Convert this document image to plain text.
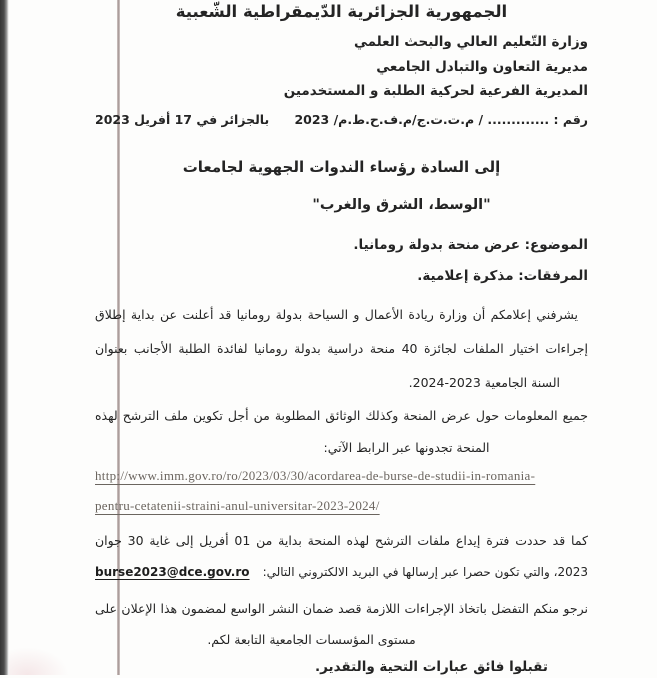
الجمهورية الجزائرية الدّيمقراطية الشّعبية
وزارة التّعليم العالي والبحث العلمي
مديرية التعاون والتبادل الجامعي
المديرية الفرعية لحركية الطلبة و المستخدمين
رقم : ............. / م.ت.ت.ج/م.ف.ح.ط.م/ 2023
بالجزائر في 17 أفريل 2023
إلى السادة رؤساء الندوات الجهوية لجامعات
"الوسط، الشرق والغرب"
الموضوع: عرض منحة بدولة رومانيا.
المرفقات: مذكرة إعلامية.
يشرفني إعلامكم أن وزارة ريادة الأعمال و السياحة بدولة رومانيا قد أعلنت عن بداية إطلاق
إجراءات اختيار الملفات لجائزة 40 منحة دراسية بدولة رومانيا لفائدة الطلبة الأجانب بعنوان
السنة الجامعية 2023-2024.
جميع المعلومات حول عرض المنحة وكذلك الوثائق المطلوبة من أجل تكوين ملف الترشح لهذه
المنحة تجدونها عبر الرابط الآتي:
http://www.imm.gov.ro/ro/2023/03/30/acordarea-de-burse-de-studii-in-romania-
pentru-cetatenii-straini-anul-universitar-2023-2024/
كما قد حددت فترة إيداع ملفات الترشح لهذه المنحة بداية من 01 أفريل إلى غاية 30 جوان
2023، والتي تكون حصرا عبر إرسالها في البريد الالكتروني التالي:
burse2023@dce.gov.ro
نرجو منكم التفضل باتخاذ الإجراءات اللازمة قصد ضمان النشر الواسع لمضمون هذا الإعلان على
مستوى المؤسسات الجامعية التابعة لكم.
تقبلوا فائق عبارات التحية والتقدير.
